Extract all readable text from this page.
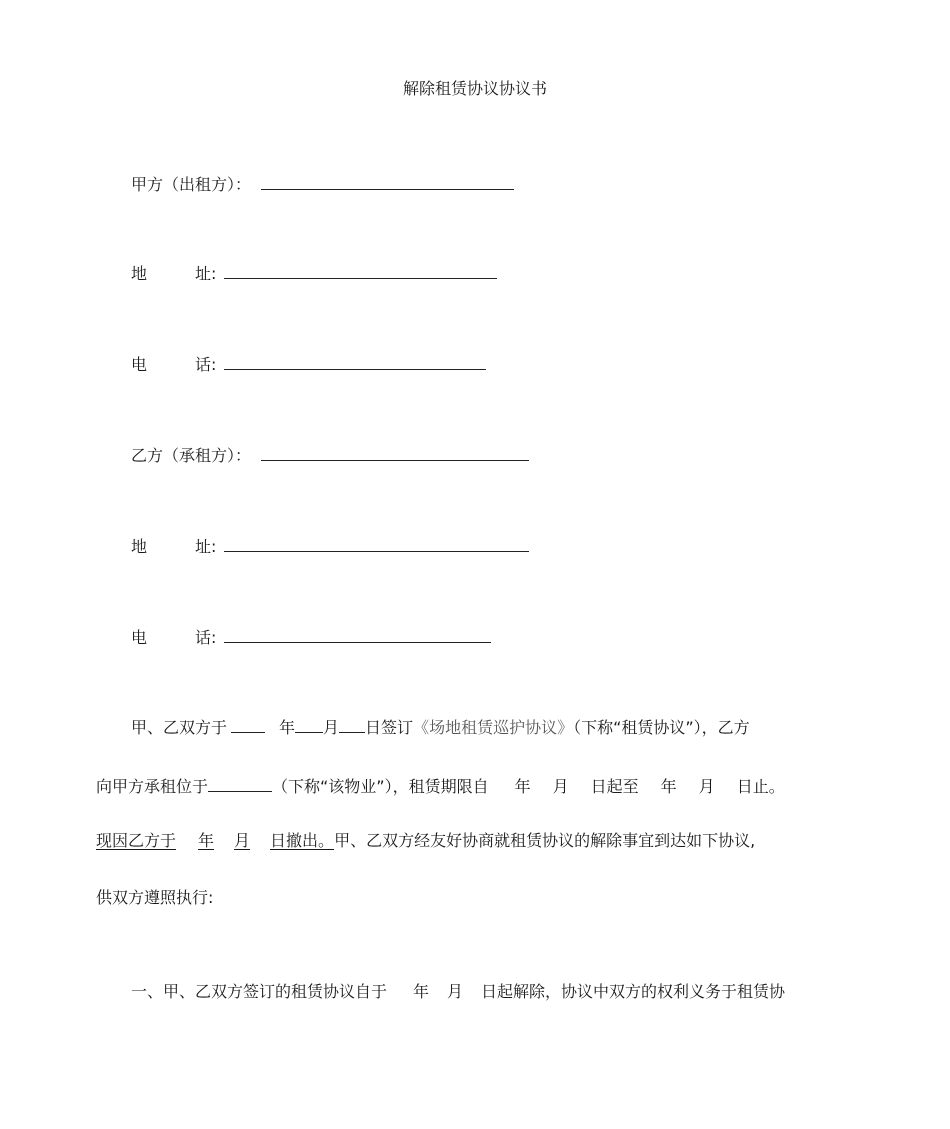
解除租赁协议协议书
甲方（出租方）：
地	址:
电	话:
乙方（承租方）：
地	址:
电	话:
甲、乙双方于	年 月 日签订《场地租赁巡护协议》（下称“租赁协议”），乙方
向甲方承租位于	（下称“该物业”），租赁期限自 年 月 日起至 年 月 日止。
现因乙方于 年 月 日撤出。甲、乙双方经友好协商就租赁协议的解除事宜到达如下协议,
供双方遵照执行:
一、甲、乙双方签订的租赁协议自于 年 月 日起解除，协议中双方的权利义务于租赁协
